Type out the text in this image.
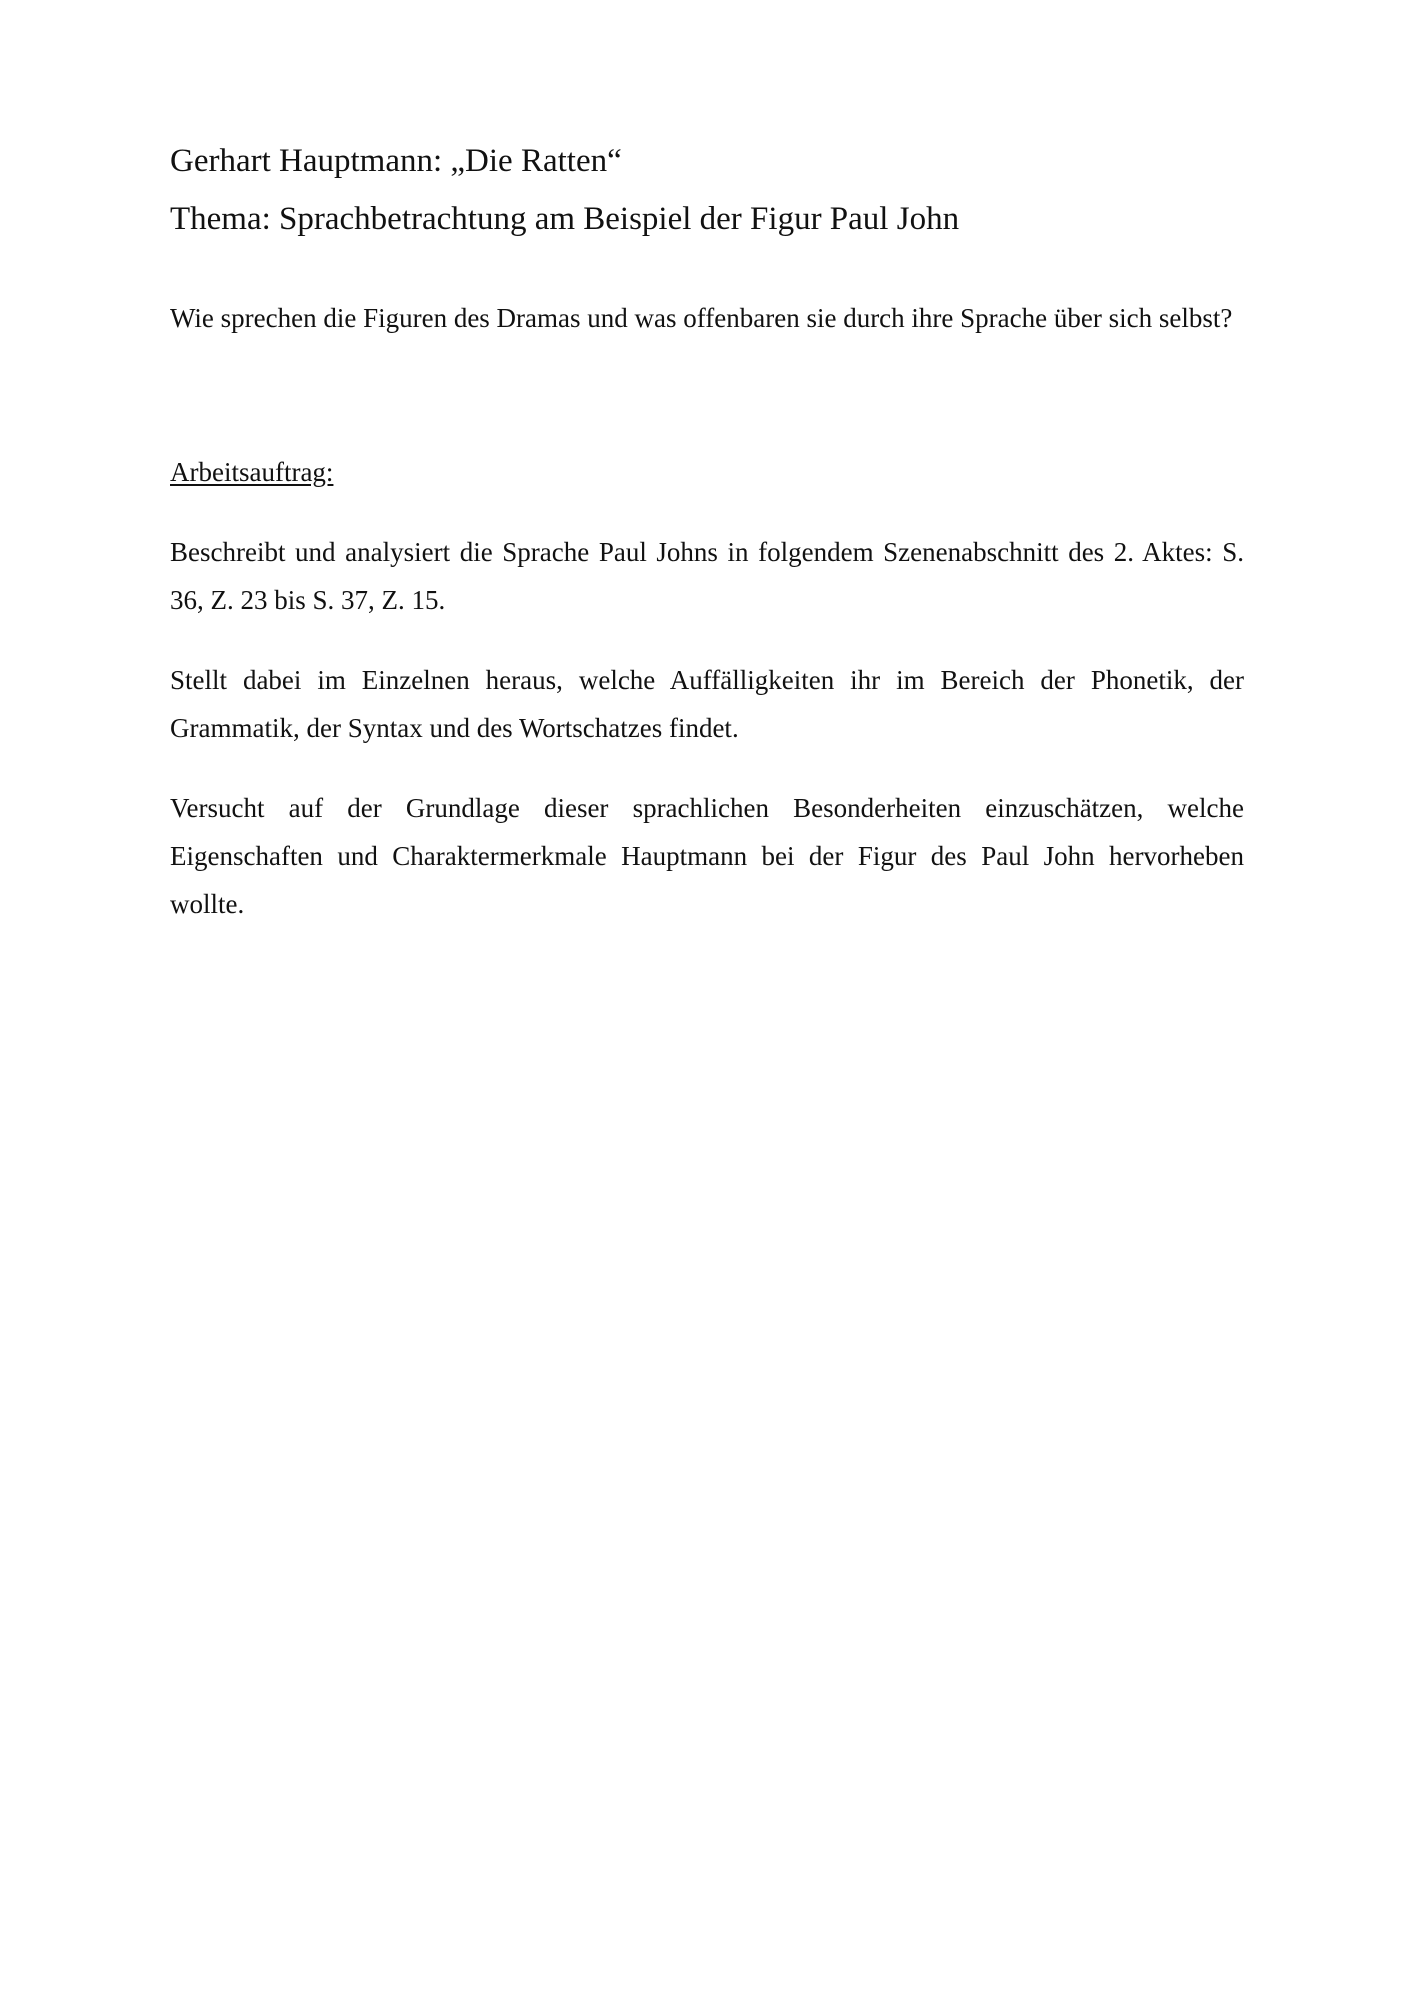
Gerhart Hauptmann: „Die Ratten“
Thema: Sprachbetrachtung am Beispiel der Figur Paul John

Wie sprechen die Figuren des Dramas und was offenbaren sie durch ihre Sprache über sich selbst?

Arbeitsauftrag:

Beschreibt und analysiert die Sprache Paul Johns in folgendem Szenenabschnitt des 2. Aktes: S. 36, Z. 23 bis S. 37, Z. 15.

Stellt dabei im Einzelnen heraus, welche Auffälligkeiten ihr im Bereich der Phonetik, der Grammatik, der Syntax und des Wortschatzes findet.

Versucht auf der Grundlage dieser sprachlichen Besonderheiten einzuschätzen, welche Eigenschaften und Charaktermerkmale Hauptmann bei der Figur des Paul John hervorheben wollte.
